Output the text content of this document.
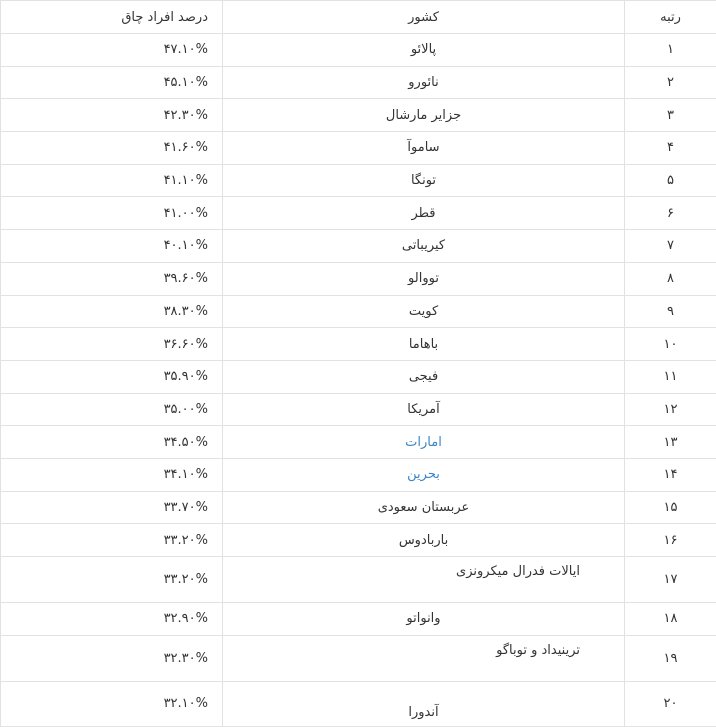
رتبه	کشور	درصد افراد چاق
۱	پالائو	۴۷.۱۰%
۲	نائورو	۴۵.۱۰%
۳	جزایر مارشال	۴۲.۳۰%
۴	ساموآ	۴۱.۶۰%
۵	تونگا	۴۱.۱۰%
۶	قطر	۴۱.۰۰%
۷	کیریباتی	۴۰.۱۰%
۸	تووالو	۳۹.۶۰%
۹	کویت	۳۸.۳۰%
۱۰	باهاما	۳۶.۶۰%
۱۱	فیجی	۳۵.۹۰%
۱۲	آمریکا	۳۵.۰۰%
۱۳	امارات	۳۴.۵۰%
۱۴	بحرین	۳۴.۱۰%
۱۵	عربستان سعودی	۳۳.۷۰%
۱۶	باربادوس	۳۳.۲۰%
۱۷	ایالات فدرال میکرونزی	۳۳.۲۰%
۱۸	وانواتو	۳۲.۹۰%
۱۹	ترینیداد و توباگو	۳۲.۳۰%
۲۰	آندورا	۳۲.۱۰%
